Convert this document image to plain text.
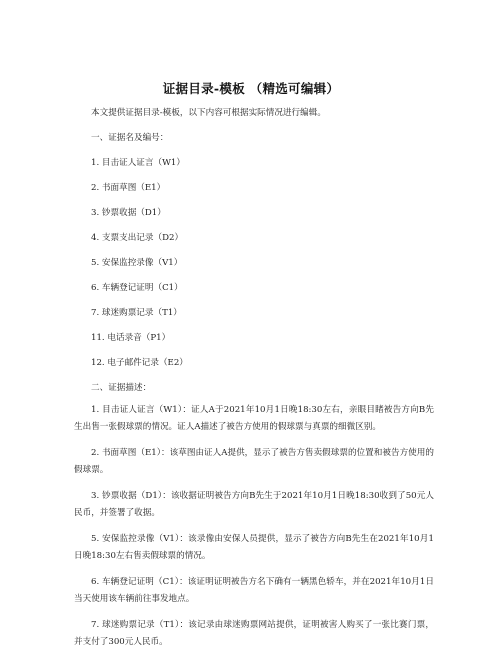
证据目录-模板 （精选可编辑）
本文提供证据目录-模板，以下内容可根据实际情况进行编辑。
一、证据名及编号：
1. 目击证人证言（W1）
2. 书面草图（E1）
3. 钞票收据（D1）
4. 支票支出记录（D2）
5. 安保监控录像（V1）
6. 车辆登记证明（C1）
7. 球迷购票记录（T1）
11. 电话录音（P1）
12. 电子邮件记录（E2）
二、证据描述：
1. 目击证人证言（W1）：证人A于2021年10月1日晚18:30左右，亲眼目睹被告方向B先生出售一张假球票的情况。证人A描述了被告方使用的假球票与真票的细微区别。
2. 书面草图（E1）：该草图由证人A提供，显示了被告方售卖假球票的位置和被告方使用的假球票。
3. 钞票收据（D1）：该收据证明被告方向B先生于2021年10月1日晚18:30收到了50元人民币，并签署了收据。
5. 安保监控录像（V1）：该录像由安保人员提供，显示了被告方向B先生在2021年10月1日晚18:30左右售卖假球票的情况。
6. 车辆登记证明（C1）：该证明证明被告方名下确有一辆黑色轿车，并在2021年10月1日当天使用该车辆前往事发地点。
7. 球迷购票记录（T1）：该记录由球迷购票网站提供，证明被害人购买了一张比赛门票，并支付了300元人民币。
